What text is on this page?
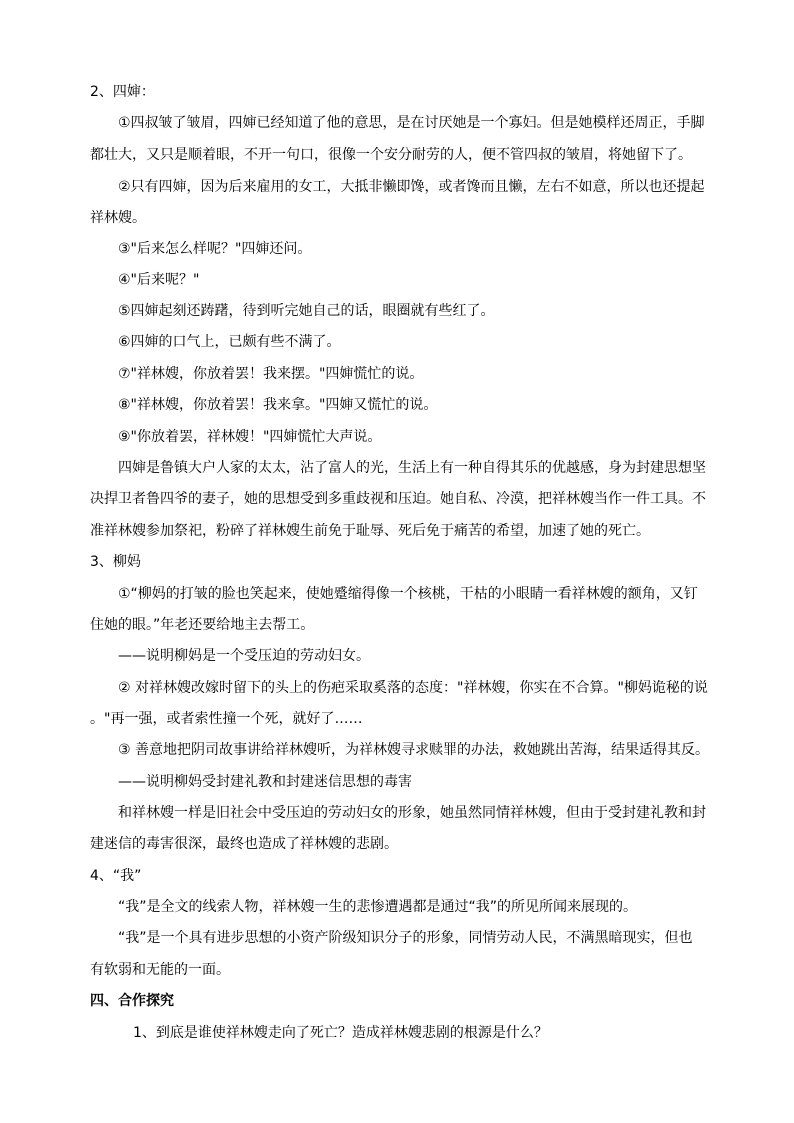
2、四婶：
①四叔皱了皱眉，四婶已经知道了他的意思，是在讨厌她是一个寡妇。但是她模样还周正，手脚
都壮大，又只是顺着眼，不开一句口，很像一个安分耐劳的人，便不管四叔的皱眉，将她留下了。
②只有四婶，因为后来雇用的女工，大抵非懒即馋，或者馋而且懒，左右不如意，所以也还提起
祥林嫂。
③"后来怎么样呢？"四婶还问。
④"后来呢？"
⑤四婶起刻还踌躇，待到听完她自己的话，眼圈就有些红了。
⑥四婶的口气上，已颇有些不满了。
⑦"祥林嫂，你放着罢！我来摆。"四婶慌忙的说。
⑧"祥林嫂，你放着罢！我来拿。"四婶又慌忙的说。
⑨"你放着罢，祥林嫂！"四婶慌忙大声说。
四婶是鲁镇大户人家的太太，沾了富人的光，生活上有一种自得其乐的优越感，身为封建思想坚
决捍卫者鲁四爷的妻子，她的思想受到多重歧视和压迫。她自私、冷漠，把祥林嫂当作一件工具。不
准祥林嫂参加祭祀，粉碎了祥林嫂生前免于耻辱、死后免于痛苦的希望，加速了她的死亡。
3、柳妈
①“柳妈的打皱的脸也笑起来，使她蹙缩得像一个核桃，干枯的小眼睛一看祥林嫂的额角，又钉
住她的眼。”年老还要给地主去帮工。
——说明柳妈是一个受压迫的劳动妇女。
② 对祥林嫂改嫁时留下的头上的伤疤采取奚落的态度："祥林嫂，你实在不合算。"柳妈诡秘的说
。"再一强，或者索性撞一个死，就好了……
③ 善意地把阴司故事讲给祥林嫂听，为祥林嫂寻求赎罪的办法，救她跳出苦海，结果适得其反。
——说明柳妈受封建礼教和封建迷信思想的毒害
和祥林嫂一样是旧社会中受压迫的劳动妇女的形象，她虽然同情祥林嫂，但由于受封建礼教和封
建迷信的毒害很深，最终也造成了祥林嫂的悲剧。
4、“我”
“我”是全文的线索人物，祥林嫂一生的悲惨遭遇都是通过“我”的所见所闻来展现的。
“我”是一个具有进步思想的小资产阶级知识分子的形象，同情劳动人民，不满黑暗现实，但也
有软弱和无能的一面。
四、合作探究
1、到底是谁使祥林嫂走向了死亡？造成祥林嫂悲剧的根源是什么？
